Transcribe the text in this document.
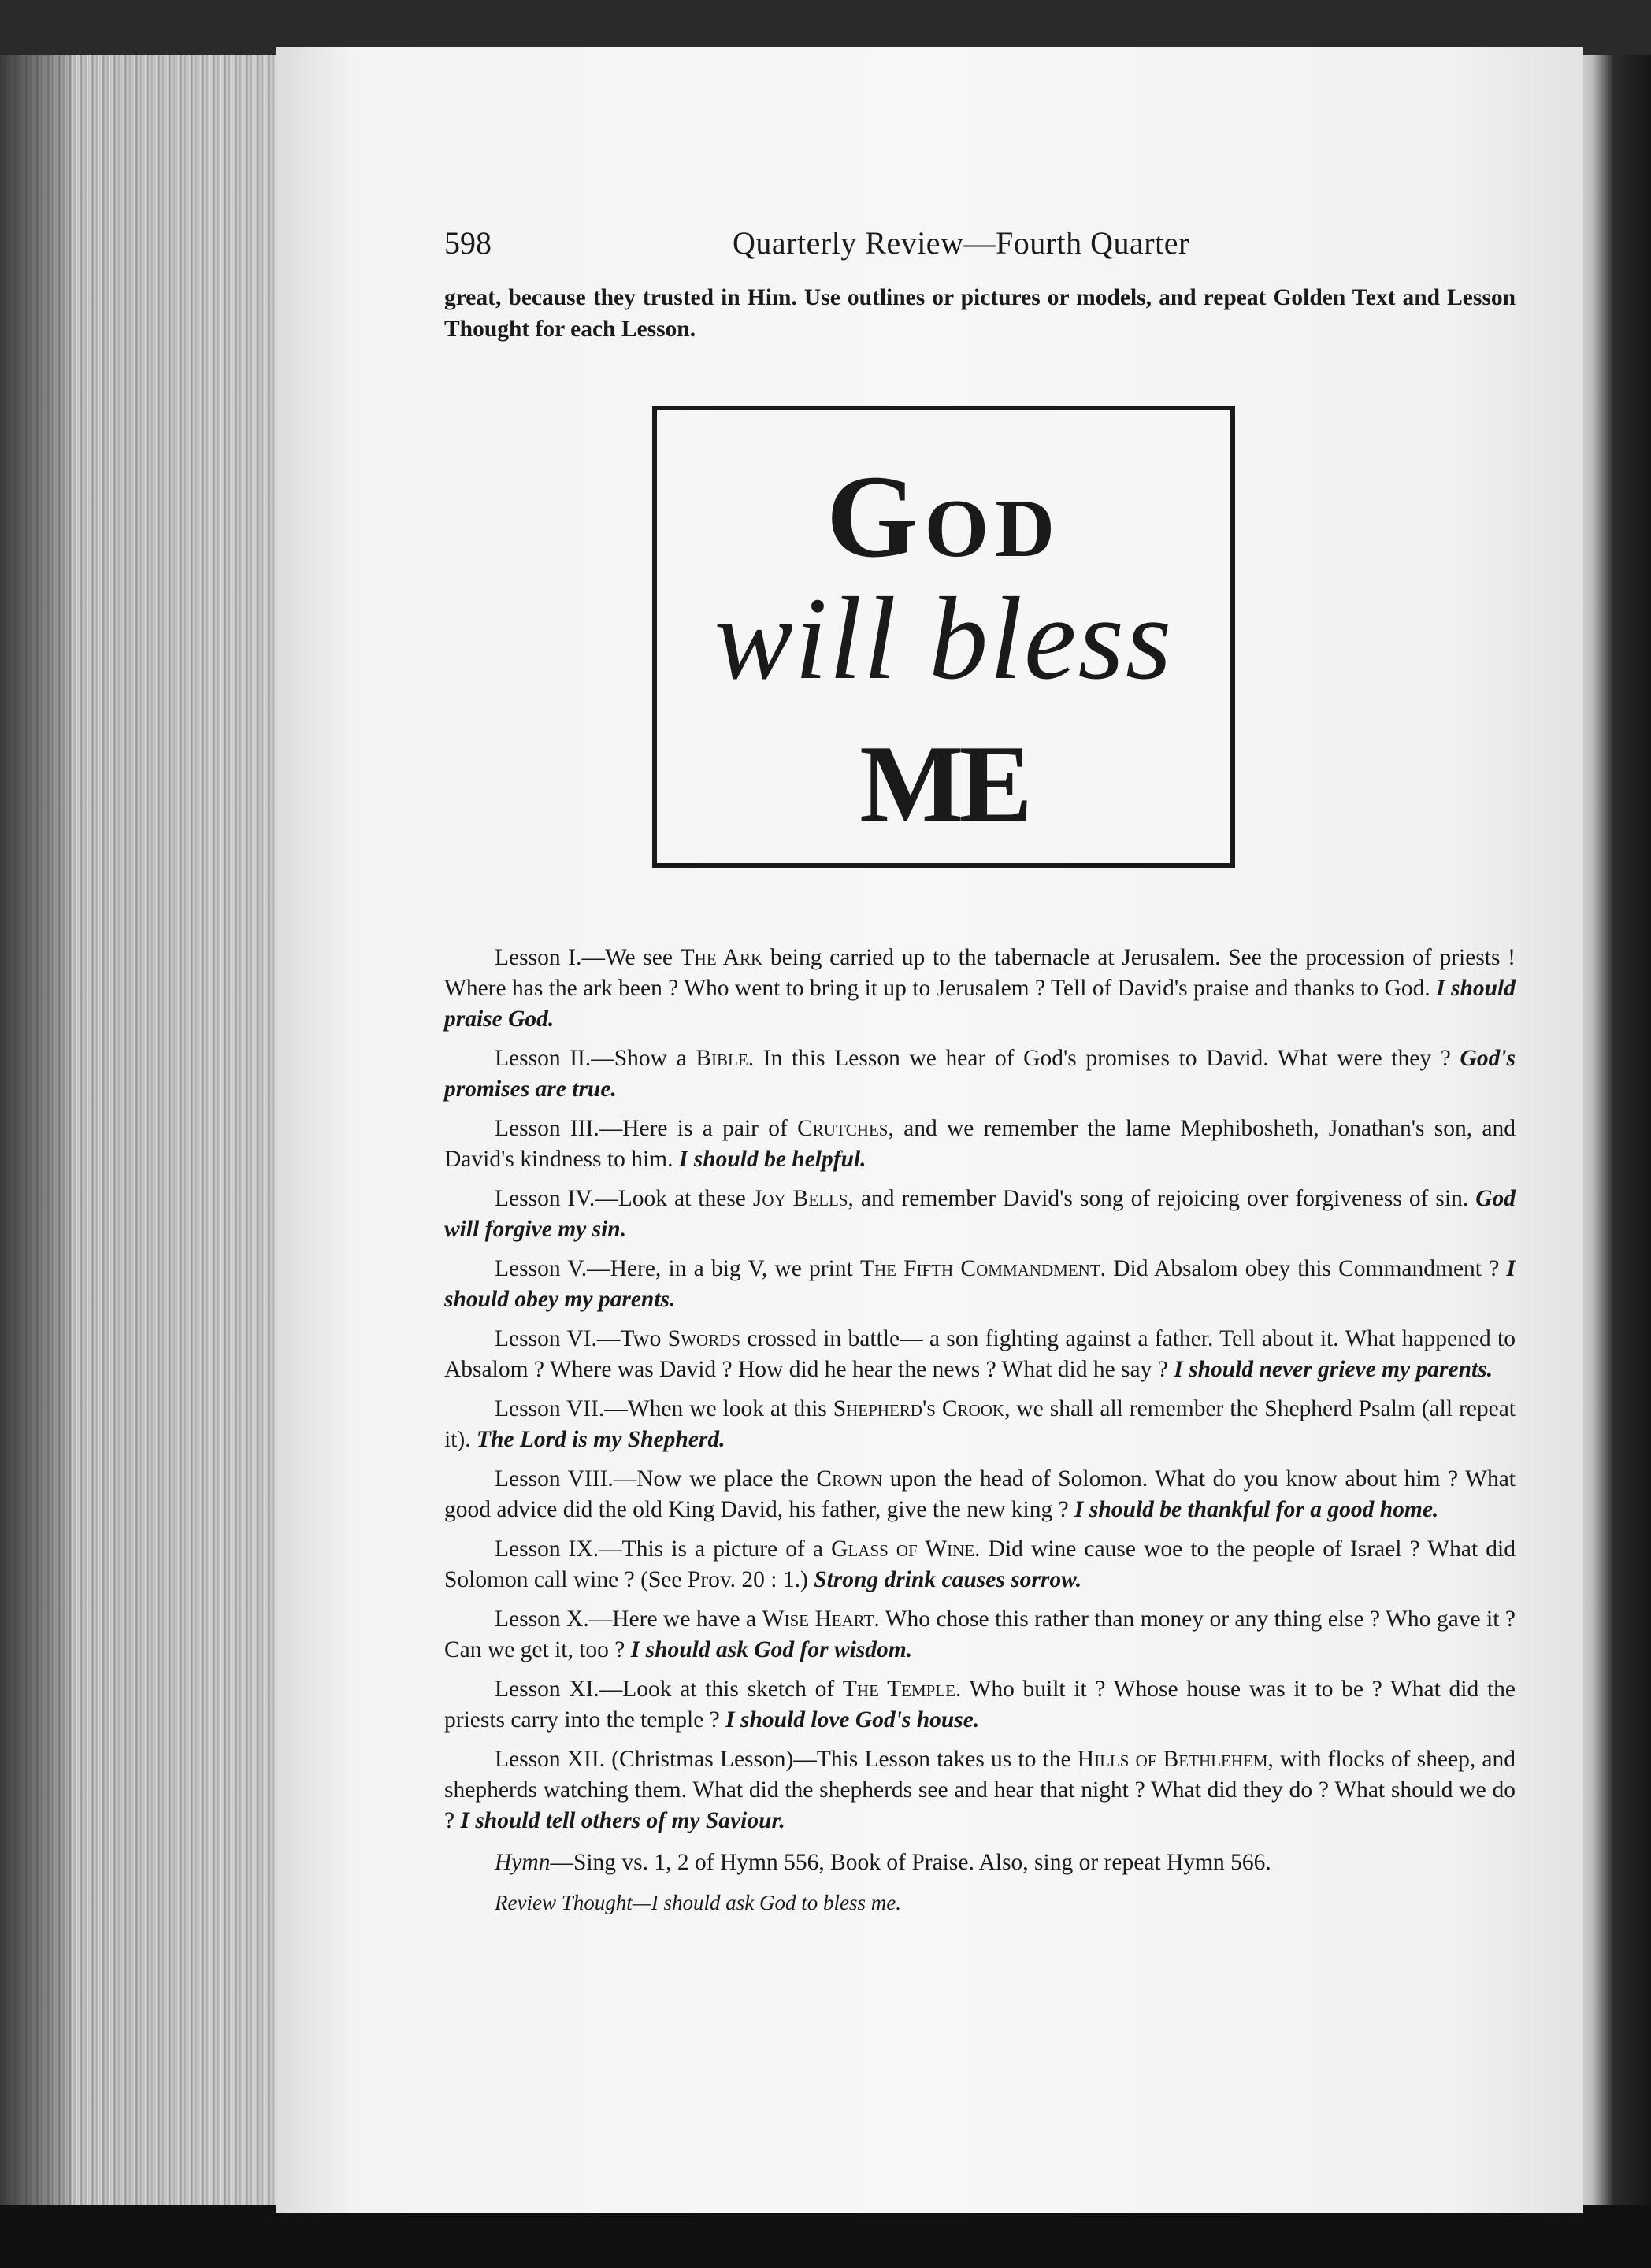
598	Quarterly Review—Fourth Quarter

great, because they trusted in Him. Use outlines or pictures or models, and repeat Golden Text and Lesson Thought for each Lesson.

God
will bless
ME

Lesson I.—We see The Ark being carried up to the tabernacle at Jerusalem. See the procession of priests ! Where has the ark been ? Who went to bring it up to Jerusalem ? Tell of David's praise and thanks to God. I should praise God.

Lesson II.—Show a Bible. In this Lesson we hear of God's promises to David. What were they ? God's promises are true.

Lesson III.—Here is a pair of Crutches, and we remember the lame Mephibosheth, Jonathan's son, and David's kindness to him. I should be helpful.

Lesson IV.—Look at these Joy Bells, and remember David's song of rejoicing over forgiveness of sin. God will forgive my sin.

Lesson V.—Here, in a big V, we print The Fifth Commandment. Did Absalom obey this Commandment ? I should obey my parents.

Lesson VI.—Two Swords crossed in battle— a son fighting against a father. Tell about it. What happened to Absalom ? Where was David ? How did he hear the news ? What did he say ? I should never grieve my parents.

Lesson VII.—When we look at this Shepherd's Crook, we shall all remember the Shepherd Psalm (all repeat it). The Lord is my Shepherd.

Lesson VIII.—Now we place the Crown upon the head of Solomon. What do you know about him ? What good advice did the old King David, his father, give the new king ? I should be thankful for a good home.

Lesson IX.—This is a picture of a Glass of Wine. Did wine cause woe to the people of Israel ? What did Solomon call wine ? (See Prov. 20 : 1.) Strong drink causes sorrow.

Lesson X.—Here we have a Wise Heart. Who chose this rather than money or any thing else ? Who gave it ? Can we get it, too ? I should ask God for wisdom.

Lesson XI.—Look at this sketch of The Temple. Who built it ? Whose house was it to be ? What did the priests carry into the temple ? I should love God's house.

Lesson XII. (Christmas Lesson)—This Lesson takes us to the Hills of Bethlehem, with flocks of sheep, and shepherds watching them. What did the shepherds see and hear that night ? What did they do ? What should we do ? I should tell others of my Saviour.

Hymn—Sing vs. 1, 2 of Hymn 556, Book of Praise. Also, sing or repeat Hymn 566.

Review Thought—I should ask God to bless me.
